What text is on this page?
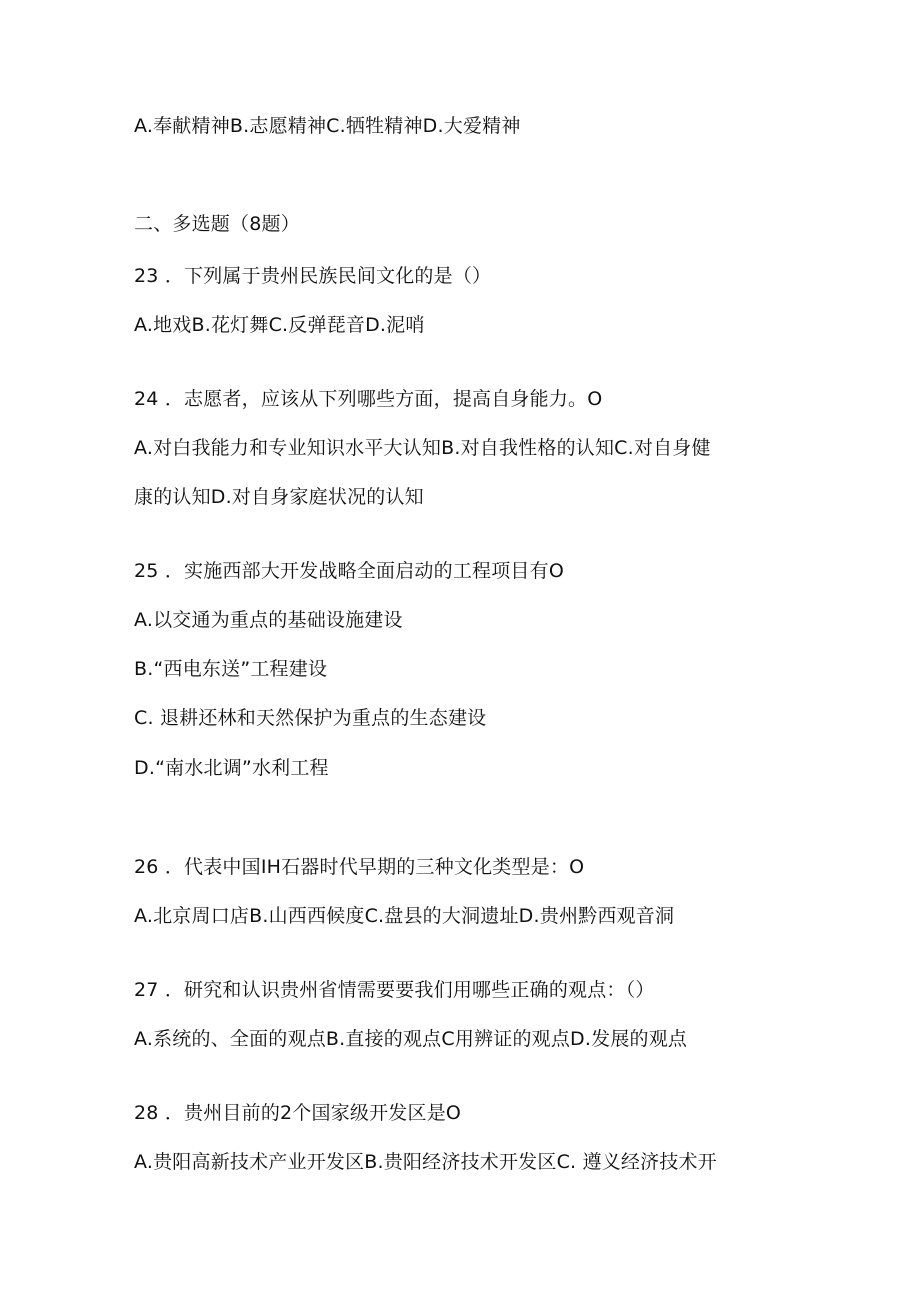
A.奉献精神B.志愿精神C.牺牲精神D.大爱精神
二、多选题（8题）
23 ．下列属于贵州民族民间文化的是（）
A.地戏B.花灯舞C.反弹琵音D.泥哨
24 ．志愿者，应该从下列哪些方面，提高自身能力。O
A.对白我能力和专业知识水平大认知B.对自我性格的认知C.对自身健
康的认知D.对自身家庭状况的认知
25 ．实施西部大开发战略全面启动的工程项目有O
A.以交通为重点的基础设施建设
B.“西电东送”工程建设
C. 退耕还林和天然保护为重点的生态建设
D.“南水北调”水利工程
26 ．代表中国IH石器时代早期的三种文化类型是：O
A.北京周口店B.山西西候度C.盘县的大洞遗址D.贵州黔西观音洞
27 ．研究和认识贵州省情需要要我们用哪些正确的观点：（）
A.系统的、全面的观点B.直接的观点C用辨证的观点D.发展的观点
28 ．贵州目前的2个国家级开发区是O
A.贵阳高新技术产业开发区B.贵阳经济技术开发区C. 遵义经济技术开
